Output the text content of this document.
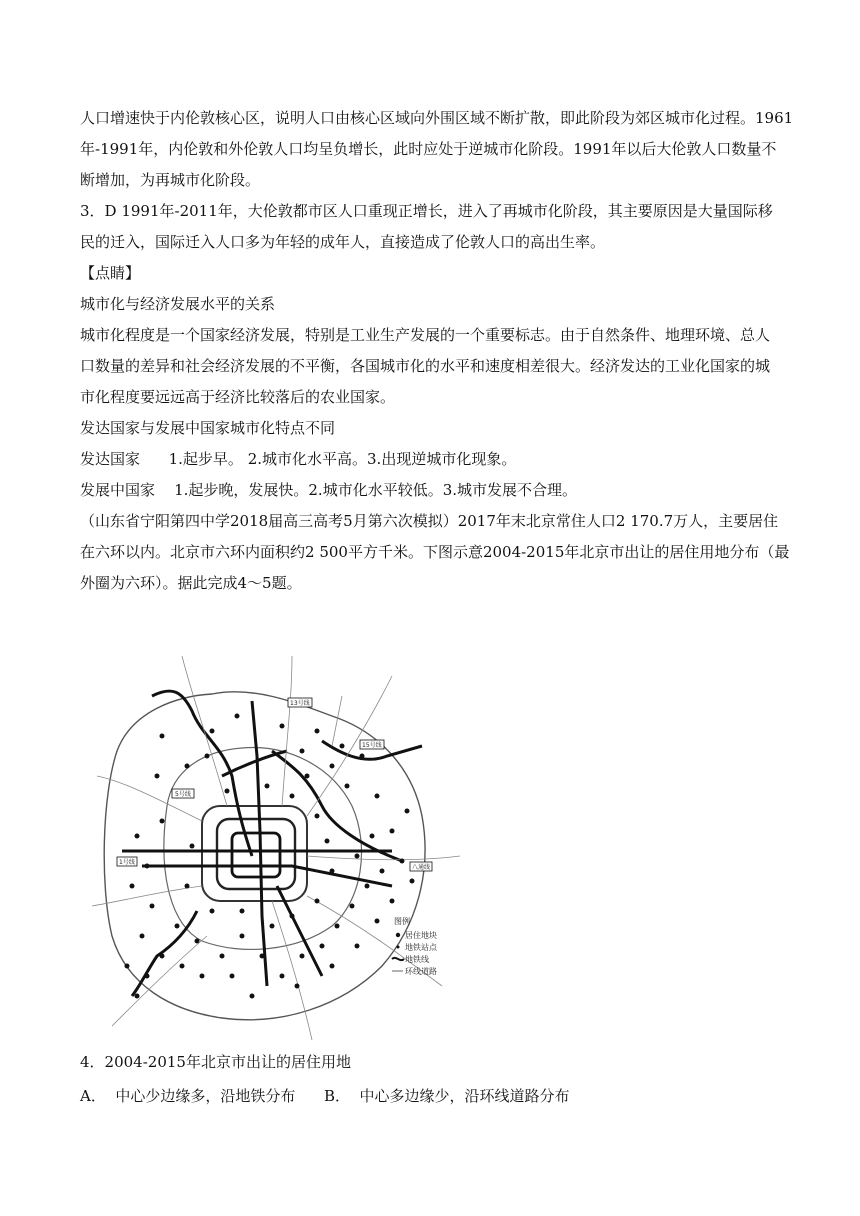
人口增速快于内伦敦核心区，说明人口由核心区域向外围区域不断扩散，即此阶段为郊区城市化过程。1961
年-1991年，内伦敦和外伦敦人口均呈负增长，此时应处于逆城市化阶段。1991年以后大伦敦人口数量不
断增加，为再城市化阶段。
3．D 1991年-2011年，大伦敦都市区人口重现正增长，进入了再城市化阶段，其主要原因是大量国际移
民的迁入，国际迁入人口多为年轻的成年人，直接造成了伦敦人口的高出生率。
【点睛】
城市化与经济发展水平的关系
城市化程度是一个国家经济发展，特别是工业生产发展的一个重要标志。由于自然条件、地理环境、总人
口数量的差异和社会经济发展的不平衡，各国城市化的水平和速度相差很大。经济发达的工业化国家的城
市化程度要远远高于经济比较落后的农业国家。
发达国家与发展中国家城市化特点不同
发达国家      1.起步早。 2.城市化水平高。3.出现逆城市化现象。
发展中国家    1.起步晚，发展快。2.城市化水平较低。3.城市发展不合理。
（山东省宁阳第四中学2018届高三高考5月第六次模拟）2017年末北京常住人口2 170.7万人，主要居住
在六环以内。北京市六环内面积约2 500平方千米。下图示意2004-2015年北京市出让的居住用地分布（最
外圈为六环）。据此完成4～5题。
5号线
15号线
13号线
1号线
八通线
图例
居住地块
地铁站点
地铁线
环线道路
4．2004-2015年北京市出让的居住用地
A．  中心少边缘多，沿地铁分布      B．  中心多边缘少，沿环线道路分布
